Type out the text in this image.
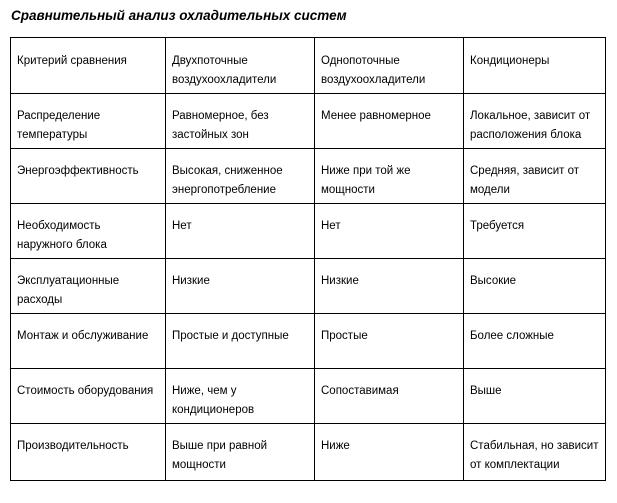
Сравнительный анализ охладительных систем
Критерий сравнения	Двухпоточные воздухоохладители	Однопоточные воздухоохладители	Кондиционеры
Распределение температуры	Равномерное, без застойных зон	Менее равномерное	Локальное, зависит от расположения блока
Энергоэффективность	Высокая, сниженное энергопотребление	Ниже при той же мощности	Средняя, зависит от модели
Необходимость наружного блока	Нет	Нет	Требуется
Эксплуатационные расходы	Низкие	Низкие	Высокие
Монтаж и обслуживание	Простые и доступные	Простые	Более сложные
Стоимость оборудования	Ниже, чем у кондиционеров	Сопоставимая	Выше
Производительность	Выше при равной мощности	Ниже	Стабильная, но зависит от комплектации
